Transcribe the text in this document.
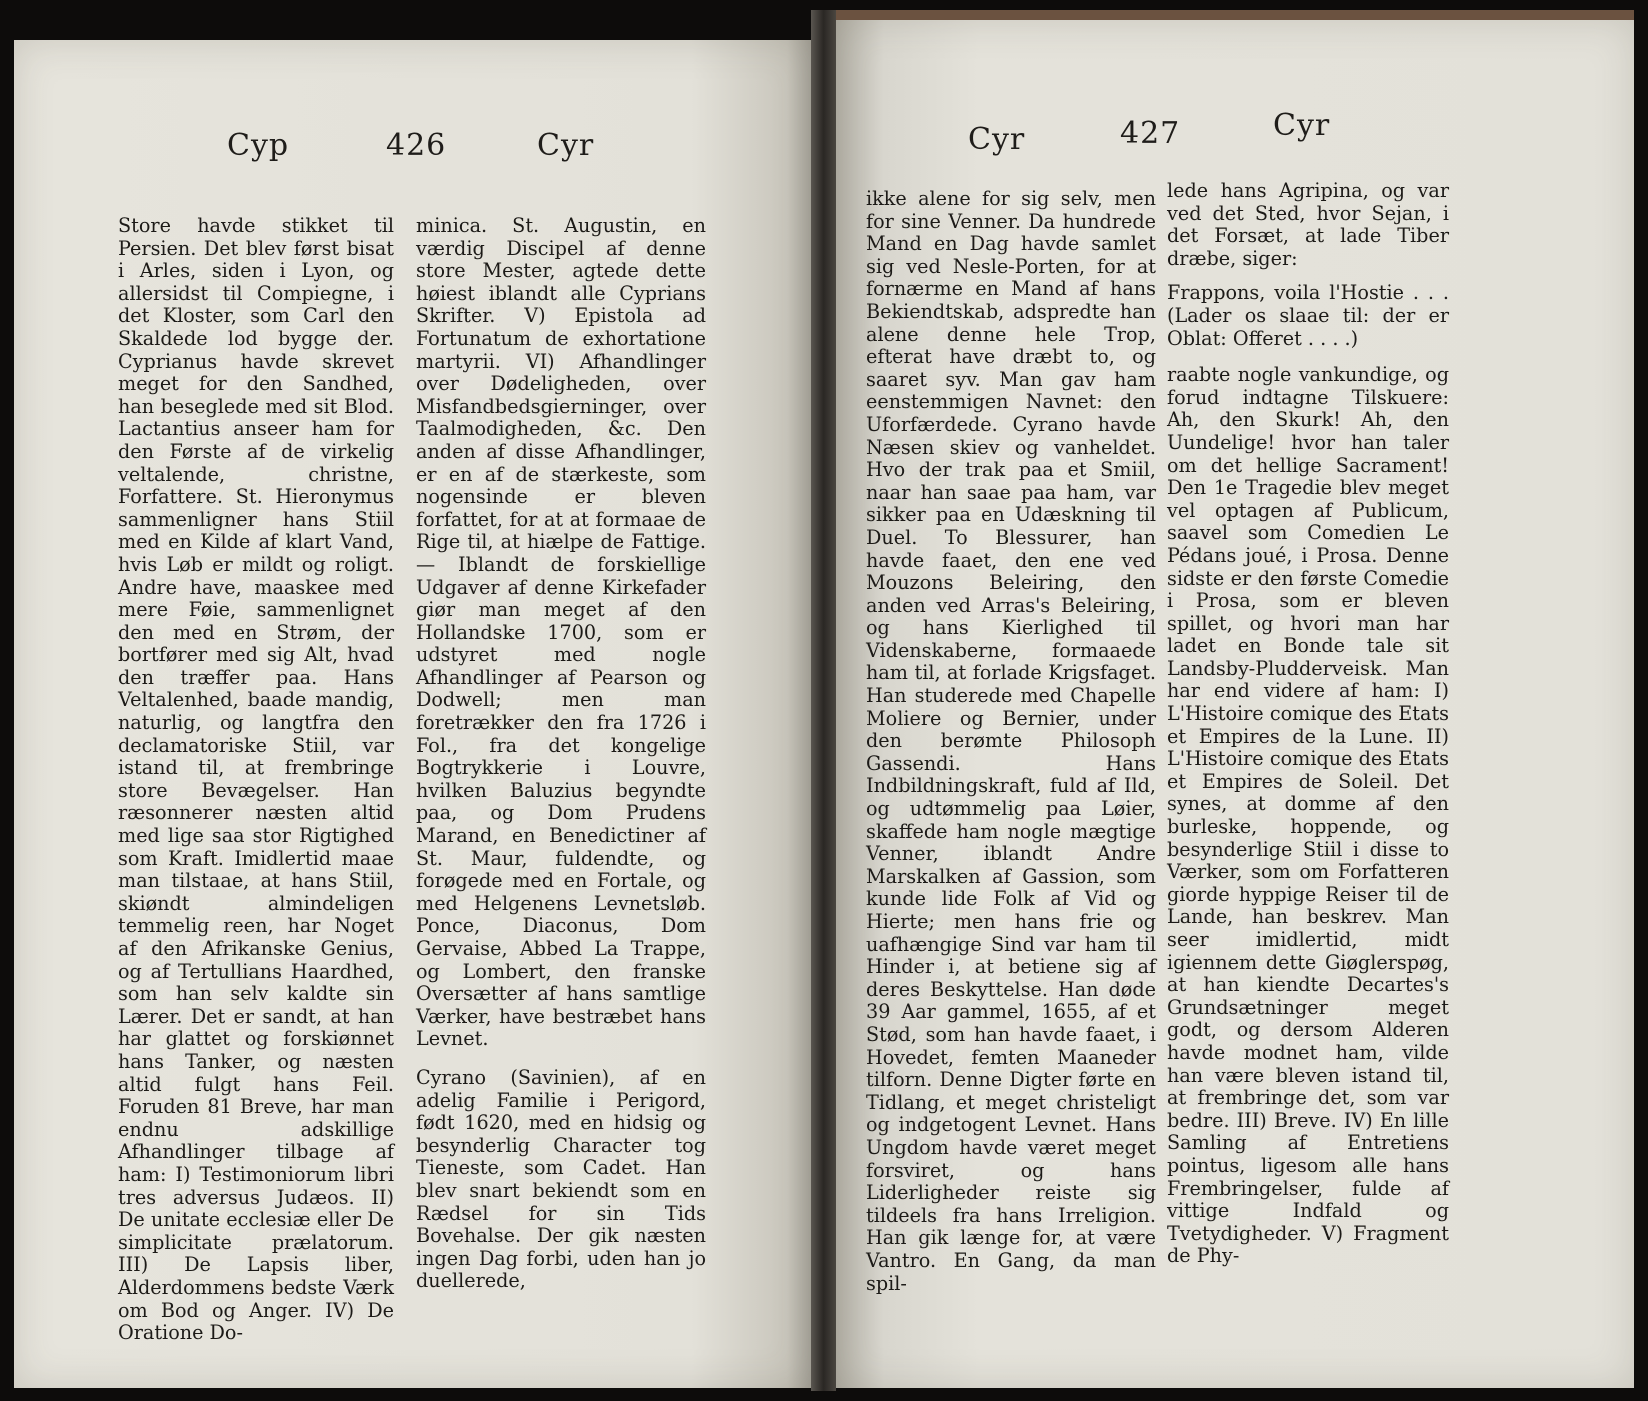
Cyp	426	Cyr

Store havde stikket til Persien. Det blev først bisat i Arles, siden i Lyon, og allersidst til Compiegne, i det Kloster, som Carl den Skaldede lod bygge der. Cyprianus havde skrevet meget for den Sandhed, han beseglede med sit Blod. Lactantius anseer ham for den Første af de virkelig veltalende, christne, Forfattere. St. Hieronymus sammenligner hans Stiil med en Kilde af klart Vand, hvis Løb er mildt og roligt. Andre have, maaskee med mere Føie, sammenlignet den med en Strøm, der bortfører med sig Alt, hvad den træffer paa. Hans Veltalenhed, baade mandig, naturlig, og langtfra den declamatoriske Stiil, var istand til, at frembringe store Bevægelser. Han ræsonnerer næsten altid med lige saa stor Rigtighed som Kraft. Imidlertid maae man tilstaae, at hans Stiil, skiøndt almindeligen temmelig reen, har Noget af den Afrikanske Genius, og af Tertullians Haardhed, som han selv kaldte sin Lærer. Det er sandt, at han har glattet og forskiønnet hans Tanker, og næsten altid fulgt hans Feil. Foruden 81 Breve, har man endnu adskillige Afhandlinger tilbage af ham: I) Testimoniorum libri tres adversus Judæos. II) De unitate ecclesiæ eller De simplicitate prælatorum. III) De Lapsis liber, Alderdommens bedste Værk om Bod og Anger. IV) De Oratione Do-

minica. St. Augustin, en værdig Discipel af denne store Mester, agtede dette høiest iblandt alle Cyprians Skrifter. V) Epistola ad Fortunatum de exhortatione martyrii. VI) Afhandlinger over Dødeligheden, over Misfandbedsgierninger, over Taalmodigheden, &c. Den anden af disse Afhandlinger, er en af de stærkeste, som nogensinde er bleven forfattet, for at at formaae de Rige til, at hiælpe de Fattige. — Iblandt de forskiellige Udgaver af denne Kirkefader giør man meget af den Hollandske 1700, som er udstyret med nogle Afhandlinger af Pearson og Dodwell; men man foretrækker den fra 1726 i Fol., fra det kongelige Bogtrykkerie i Louvre, hvilken Baluzius begyndte paa, og Dom Prudens Marand, en Benedictiner af St. Maur, fuldendte, og forøgede med en Fortale, og med Helgenens Levnetsløb. Ponce, Diaconus, Dom Gervaise, Abbed La Trappe, og Lombert, den franske Oversætter af hans samtlige Værker, have bestræbet hans Levnet.

Cyrano (Savinien), af en adelig Familie i Perigord, født 1620, med en hidsig og besynderlig Character tog Tieneste, som Cadet. Han blev snart bekiendt som en Rædsel for sin Tids Bovehalse. Der gik næsten ingen Dag forbi, uden han jo duellerede,

Cyr	427	Cyr

ikke alene for sig selv, men for sine Venner. Da hundrede Mand en Dag havde samlet sig ved Nesle-Porten, for at fornærme en Mand af hans Bekiendtskab, adspredte han alene denne hele Trop, efterat have dræbt to, og saaret syv. Man gav ham eenstemmigen Navnet: den Uforfærdede. Cyrano havde Næsen skiev og vanheldet. Hvo der trak paa et Smiil, naar han saae paa ham, var sikker paa en Udæskning til Duel. To Blessurer, han havde faaet, den ene ved Mouzons Beleiring, den anden ved Arras's Beleiring, og hans Kierlighed til Videnskaberne, formaaede ham til, at forlade Krigsfaget. Han studerede med Chapelle Moliere og Bernier, under den berømte Philosoph Gassendi. Hans Indbildningskraft, fuld af Ild, og udtømmelig paa Løier, skaffede ham nogle mægtige Venner, iblandt Andre Marskalken af Gassion, som kunde lide Folk af Vid og Hierte; men hans frie og uafhængige Sind var ham til Hinder i, at betiene sig af deres Beskyttelse. Han døde 39 Aar gammel, 1655, af et Stød, som han havde faaet, i Hovedet, femten Maaneder tilforn. Denne Digter førte en Tidlang, et meget christeligt og indgetogent Levnet. Hans Ungdom havde været meget forsviret, og hans Liderligheder reiste sig tildeels fra hans Irreligion. Han gik længe for, at være Vantro. En Gang, da man spil-

lede hans Agripina, og var ved det Sted, hvor Sejan, i det Forsæt, at lade Tiber dræbe, siger:

Frappons, voila l'Hostie . . . (Lader os slaae til: der er Oblat: Offeret . . . .)

raabte nogle vankundige, og forud indtagne Tilskuere: Ah, den Skurk! Ah, den Uundelige! hvor han taler om det hellige Sacrament! Den 1e Tragedie blev meget vel optagen af Publicum, saavel som Comedien Le Pédans joué, i Prosa. Denne sidste er den første Comedie i Prosa, som er bleven spillet, og hvori man har ladet en Bonde tale sit Landsby-Pludderveisk. Man har end videre af ham: I) L'Histoire comique des Etats et Empires de la Lune. II) L'Histoire comique des Etats et Empires de Soleil. Det synes, at domme af den burleske, hoppende, og besynderlige Stiil i disse to Værker, som om Forfatteren giorde hyppige Reiser til de Lande, han beskrev. Man seer imidlertid, midt igiennem dette Giøglerspøg, at han kiendte Decartes's Grundsætninger meget godt, og dersom Alderen havde modnet ham, vilde han være bleven istand til, at frembringe det, som var bedre. III) Breve. IV) En lille Samling af Entretiens pointus, ligesom alle hans Frembringelser, fulde af vittige Indfald og Tvetydigheder. V) Fragment de Phy-
